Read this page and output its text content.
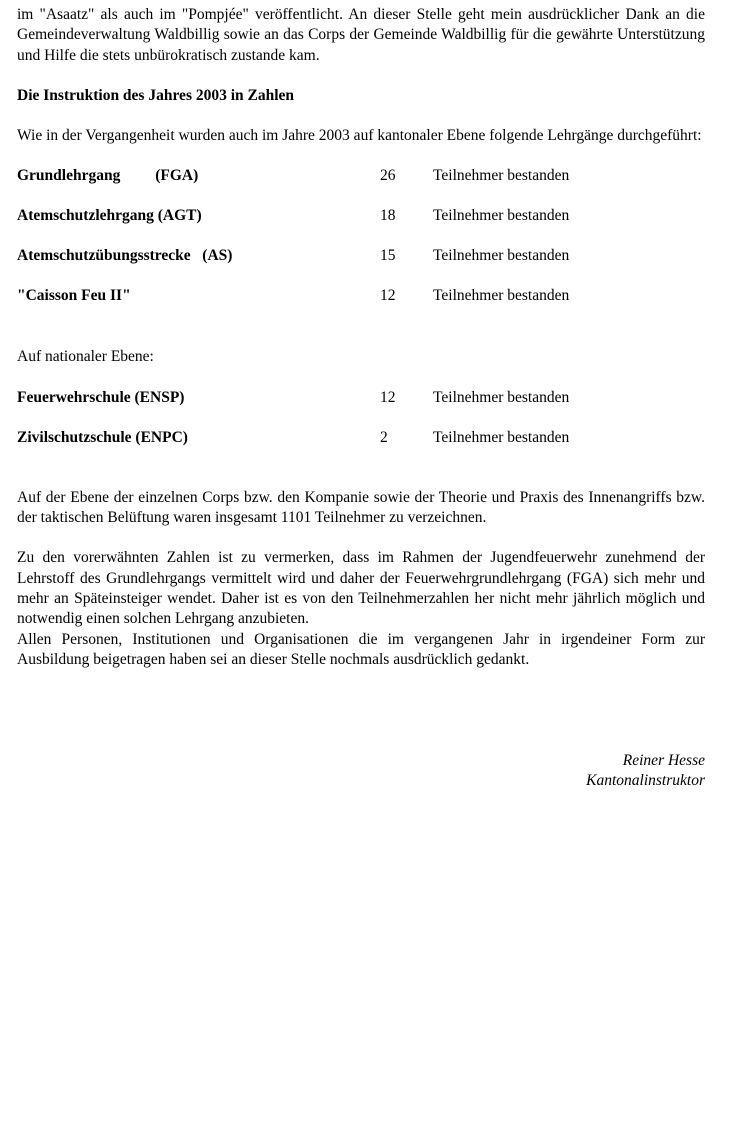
im "Asaatz" als auch im "Pompjée" veröffentlicht. An dieser Stelle geht mein ausdrücklicher Dank an die Gemeindeverwaltung Waldbillig sowie an das Corps der Gemeinde Waldbillig für die gewährte Unterstützung und Hilfe die stets unbürokratisch zustande kam.

Die Instruktion des Jahres 2003 in Zahlen

Wie in der Vergangenheit wurden auch im Jahre 2003 auf kantonaler Ebene folgende Lehrgänge durchgeführt:

Grundlehrgang         (FGA)	26 Teilnehmer bestanden
Atemschutzlehrgang (AGT)	18 Teilnehmer bestanden
Atemschutzübungsstrecke   (AS)	15 Teilnehmer bestanden
"Caisson Feu II"	12 Teilnehmer bestanden

Auf nationaler Ebene:

Feuerwehrschule (ENSP)	12 Teilnehmer bestanden
Zivilschutzschule (ENPC)	2	Teilnehmer bestanden

Auf der Ebene der einzelnen Corps bzw. den Kompanie sowie der Theorie und Praxis des Innenangriffs bzw. der taktischen Belüftung waren insgesamt 1101 Teilnehmer zu verzeichnen.

Zu den vorerwähnten Zahlen ist zu vermerken, dass im Rahmen der Jugendfeuerwehr zunehmend der Lehrstoff des Grundlehrgangs vermittelt wird und daher der Feuerwehrgrundlehrgang (FGA) sich mehr und mehr an Späteinsteiger wendet. Daher ist es von den Teilnehmerzahlen her nicht mehr jährlich möglich und notwendig einen solchen Lehrgang anzubieten.

Allen Personen, Institutionen und Organisationen die im vergangenen Jahr in irgendeiner Form zur Ausbildung beigetragen haben sei an dieser Stelle nochmals ausdrücklich gedankt.

Reiner Hesse
Kantonalinstruktor
